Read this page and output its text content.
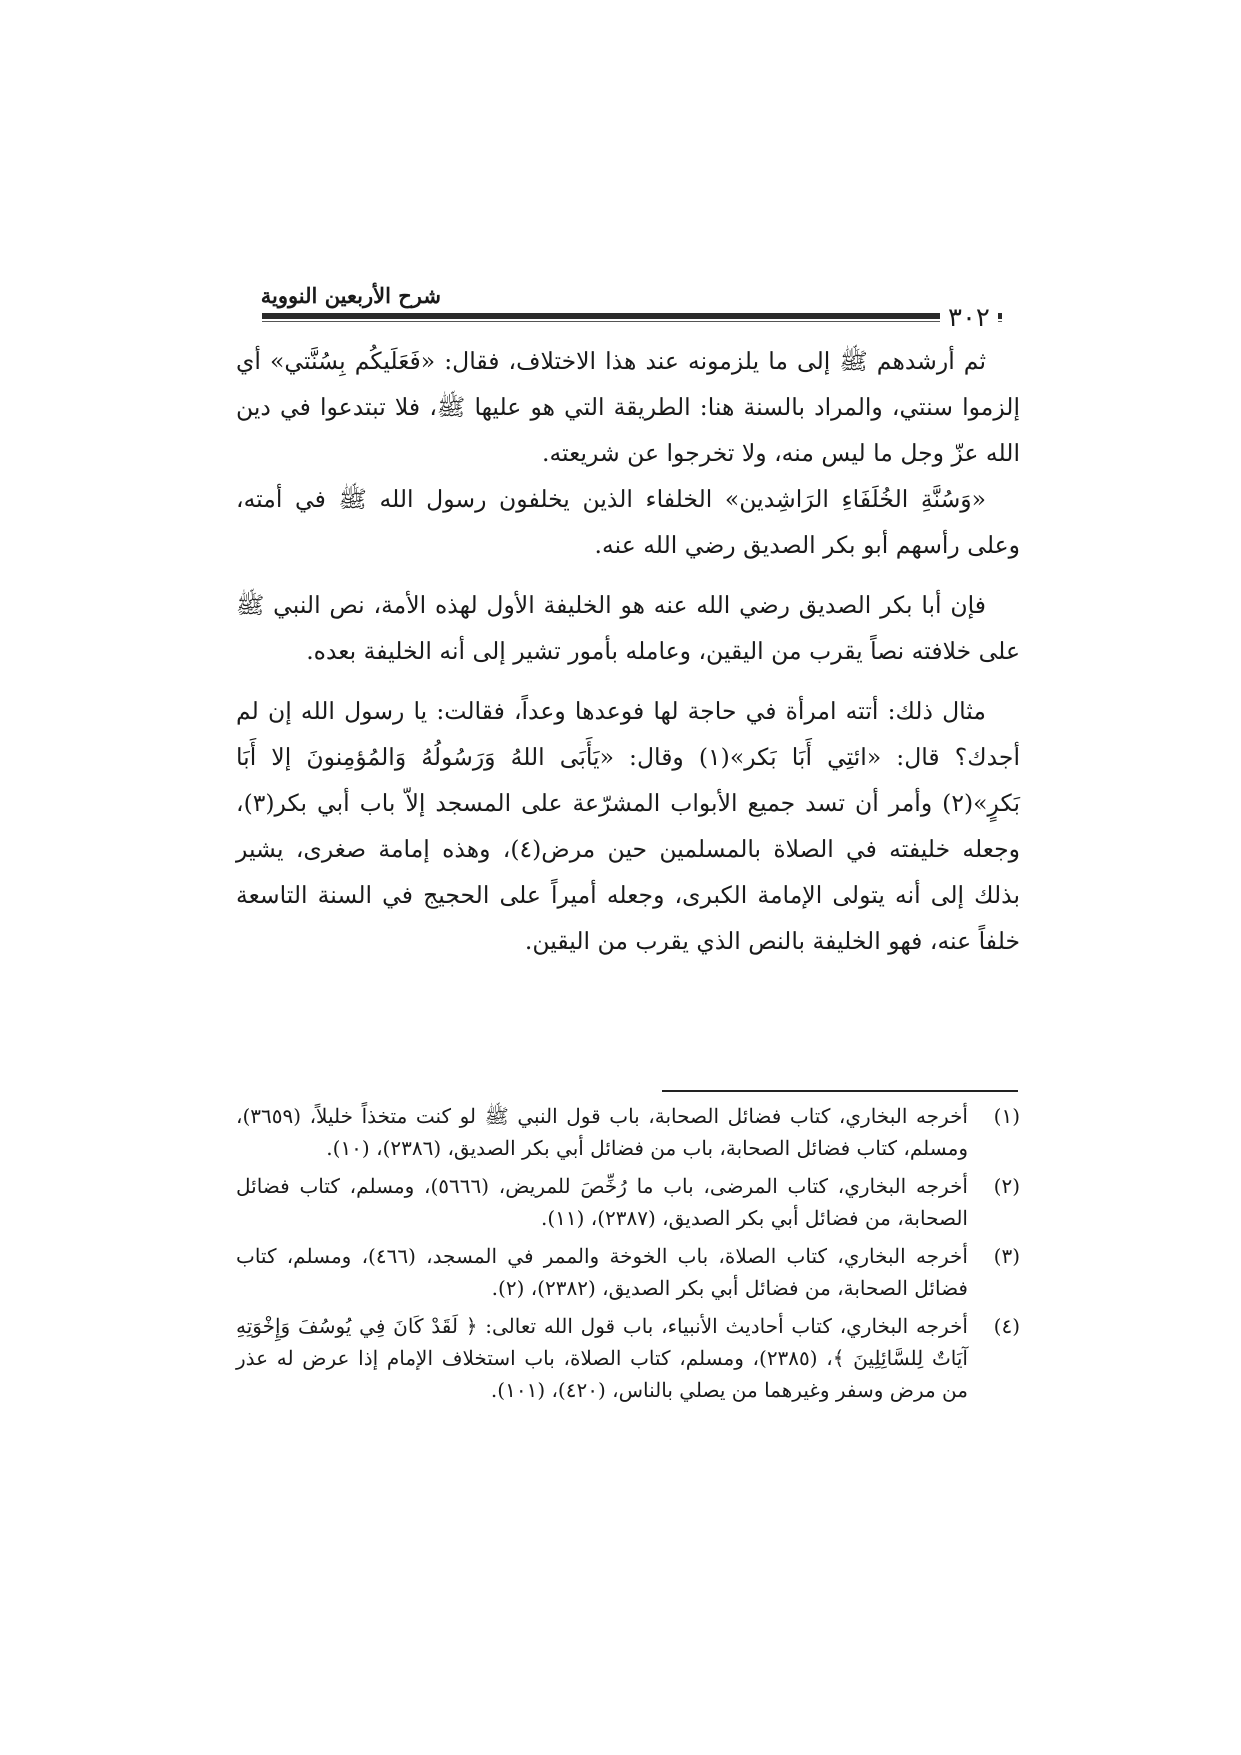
شرح الأربعين النووية
٣٠٢

ثم أرشدهم ﷺ إلى ما يلزمونه عند هذا الاختلاف، فقال: «فَعَلَيكُم بِسُنَّتي» أي إلزموا سنتي، والمراد بالسنة هنا: الطريقة التي هو عليها ﷺ، فلا تبتدعوا في دين الله عزّ وجل ما ليس منه، ولا تخرجوا عن شريعته.

«وَسُنَّةِ الخُلَفَاءِ الرَاشِدين» الخلفاء الذين يخلفون رسول الله ﷺ في أمته، وعلى رأسهم أبو بكر الصديق رضي الله عنه.

فإن أبا بكر الصديق رضي الله عنه هو الخليفة الأول لهذه الأمة، نص النبي ﷺ على خلافته نصاً يقرب من اليقين، وعامله بأمور تشير إلى أنه الخليفة بعده.

مثال ذلك: أتته امرأة في حاجة لها فوعدها وعداً، فقالت: يا رسول الله إن لم أجدك؟ قال: «ائتِي أَبَا بَكر»(١) وقال: «يَأَبَى اللهُ وَرَسُولُهُ وَالمُؤمِنونَ إلا أَبَا بَكرٍ»(٢) وأمر أن تسد جميع الأبواب المشرّعة على المسجد إلاّ باب أبي بكر(٣)، وجعله خليفته في الصلاة بالمسلمين حين مرض(٤)، وهذه إمامة صغرى، يشير بذلك إلى أنه يتولى الإمامة الكبرى، وجعله أميراً على الحجيج في السنة التاسعة خلفاً عنه، فهو الخليفة بالنص الذي يقرب من اليقين.

(١)
أخرجه البخاري، كتاب فضائل الصحابة، باب قول النبي ﷺ لو كنت متخذاً خليلاً، (٣٦٥٩)، ومسلم، كتاب فضائل الصحابة، باب من فضائل أبي بكر الصديق، (٢٣٨٦)، (١٠).
(٢)
أخرجه البخاري، كتاب المرضى، باب ما رُخِّصَ للمريض، (٥٦٦٦)، ومسلم، كتاب فضائل الصحابة، من فضائل أبي بكر الصديق، (٢٣٨٧)، (١١).
(٣)
أخرجه البخاري، كتاب الصلاة، باب الخوخة والممر في المسجد، (٤٦٦)، ومسلم، كتاب فضائل الصحابة، من فضائل أبي بكر الصديق، (٢٣٨٢)، (٢).
(٤)
أخرجه البخاري، كتاب أحاديث الأنبياء، باب قول الله تعالى: ﴿ لَقَدْ كَانَ فِي يُوسُفَ وَإِخْوَتِهِ آيَاتٌ لِلسَّائِلِينَ ﴾، (٢٣٨٥)، ومسلم، كتاب الصلاة، باب استخلاف الإمام إذا عرض له عذر من مرض وسفر وغيرهما من يصلي بالناس، (٤٢٠)، (١٠١).
